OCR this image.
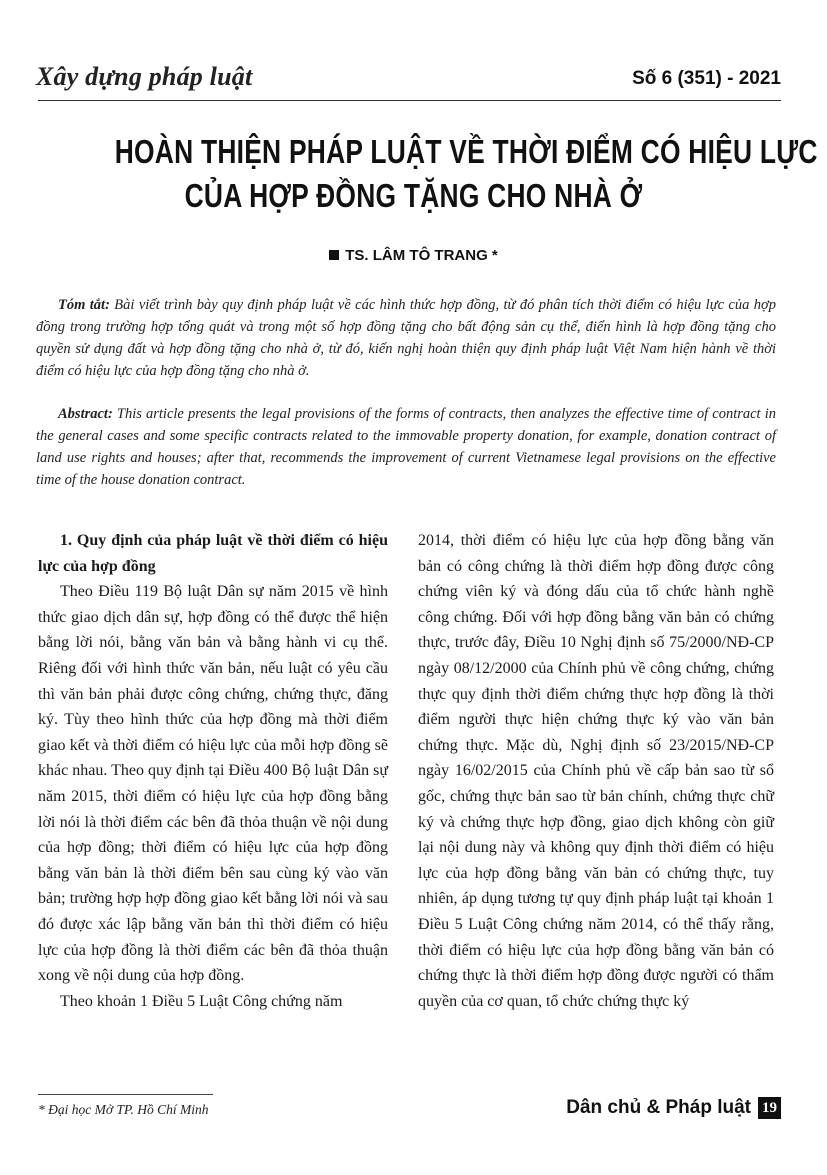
Xây dựng pháp luật	Số 6 (351) - 2021
HOÀN THIỆN PHÁP LUẬT VỀ THỜI ĐIỂM CÓ HIỆU LỰC
CỦA HỢP ĐỒNG TẶNG CHO NHÀ Ở
TS. LÂM TÔ TRANG *
Tóm tắt: Bài viết trình bày quy định pháp luật về các hình thức hợp đồng, từ đó phân tích thời điểm có hiệu lực của hợp đồng trong trường hợp tổng quát và trong một số hợp đồng tặng cho bất động sản cụ thể, điển hình là hợp đồng tặng cho quyền sử dụng đất và hợp đồng tặng cho nhà ở, từ đó, kiến nghị hoàn thiện quy định pháp luật Việt Nam hiện hành về thời điểm có hiệu lực của hợp đồng tặng cho nhà ở.
Abstract: This article presents the legal provisions of the forms of contracts, then analyzes the effective time of contract in the general cases and some specific contracts related to the immovable property donation, for example, donation contract of land use rights and houses; after that, recommends the improvement of current Vietnamese legal provisions on the effective time of the house donation contract.
1. Quy định của pháp luật về thời điểm có hiệu lực của hợp đồng

Theo Điều 119 Bộ luật Dân sự năm 2015 về hình thức giao dịch dân sự, hợp đồng có thể được thể hiện bằng lời nói, bằng văn bản và bằng hành vi cụ thể. Riêng đối với hình thức văn bản, nếu luật có yêu cầu thì văn bản phải được công chứng, chứng thực, đăng ký. Tùy theo hình thức của hợp đồng mà thời điểm giao kết và thời điểm có hiệu lực của mỗi hợp đồng sẽ khác nhau. Theo quy định tại Điều 400 Bộ luật Dân sự năm 2015, thời điểm có hiệu lực của hợp đồng bằng lời nói là thời điểm các bên đã thỏa thuận về nội dung của hợp đồng; thời điểm có hiệu lực của hợp đồng bằng văn bản là thời điểm bên sau cùng ký vào văn bản; trường hợp hợp đồng giao kết bằng lời nói và sau đó được xác lập bằng văn bản thì thời điểm có hiệu lực của hợp đồng là thời điểm các bên đã thỏa thuận xong về nội dung của hợp đồng.

Theo khoản 1 Điều 5 Luật Công chứng năm

2014, thời điểm có hiệu lực của hợp đồng bằng văn bản có công chứng là thời điểm hợp đồng được công chứng viên ký và đóng dấu của tổ chức hành nghề công chứng. Đối với hợp đồng bằng văn bản có chứng thực, trước đây, Điều 10 Nghị định số 75/2000/NĐ-CP ngày 08/12/2000 của Chính phủ về công chứng, chứng thực quy định thời điểm chứng thực hợp đồng là thời điểm người thực hiện chứng thực ký vào văn bản chứng thực. Mặc dù, Nghị định số 23/2015/NĐ-CP ngày 16/02/2015 của Chính phủ về cấp bản sao từ sổ gốc, chứng thực bản sao từ bản chính, chứng thực chữ ký và chứng thực hợp đồng, giao dịch không còn giữ lại nội dung này và không quy định thời điểm có hiệu lực của hợp đồng bằng văn bản có chứng thực, tuy nhiên, áp dụng tương tự quy định pháp luật tại khoản 1 Điều 5 Luật Công chứng năm 2014, có thể thấy rằng, thời điểm có hiệu lực của hợp đồng bằng văn bản có chứng thực là thời điểm hợp đồng được người có thẩm quyền của cơ quan, tổ chức chứng thực ký

* Đại học Mở TP. Hồ Chí Minh	Dân chủ & Pháp luật 19
